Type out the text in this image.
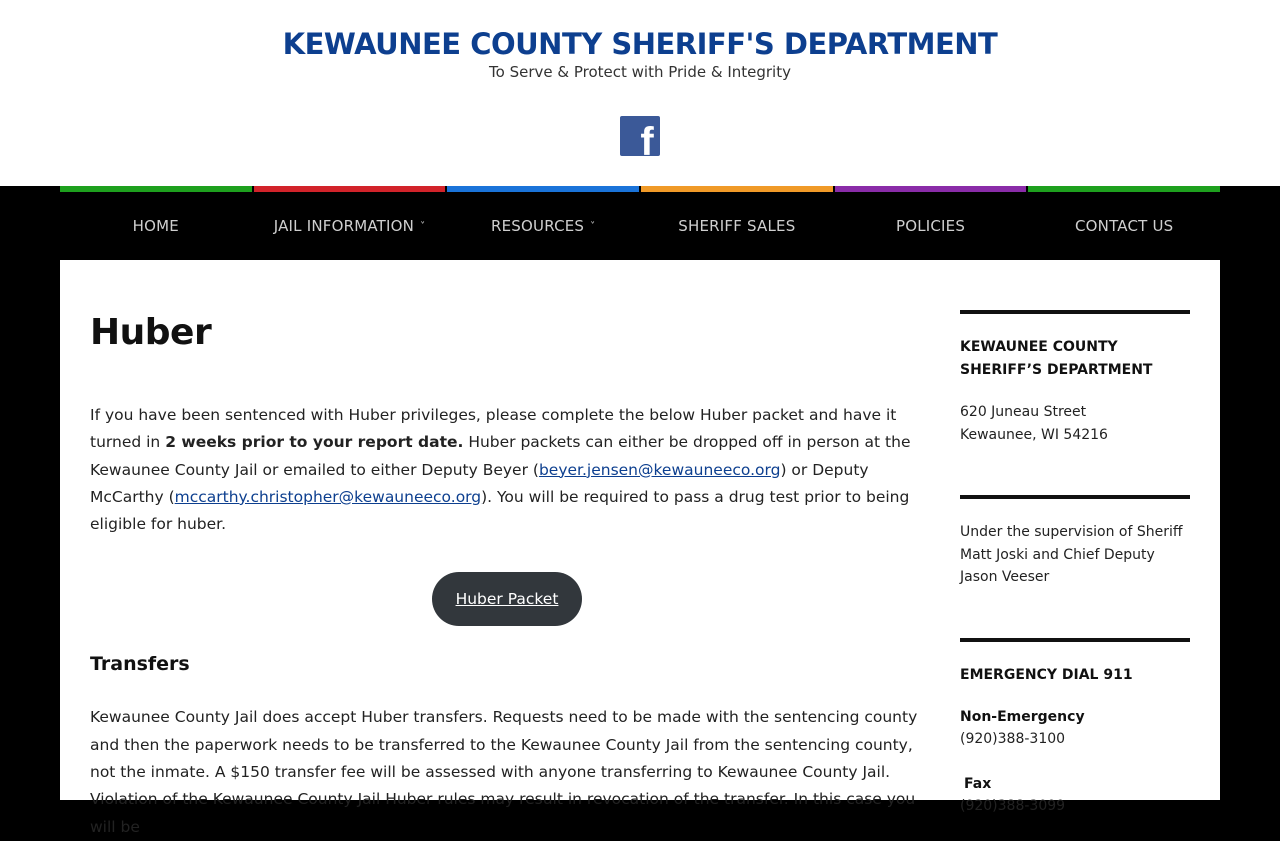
KEWAUNEE COUNTY SHERIFF'S DEPARTMENT
To Serve & Protect with Pride & Integrity
f
HOME	JAIL INFORMATION ˅	RESOURCES ˅	SHERIFF SALES	POLICIES	CONTACT US
Huber

If you have been sentenced with Huber privileges, please complete the below Huber packet and have it turned in 2 weeks prior to your report date. Huber packets can either be dropped off in person at the Kewaunee County Jail or emailed to either Deputy Beyer (beyer.jensen@kewauneeco.org) or Deputy McCarthy (mccarthy.christopher@kewauneeco.org). You will be required to pass a drug test prior to being eligible for huber.

Huber Packet
Transfers

Kewaunee County Jail does accept Huber transfers. Requests need to be made with the sentencing county and then the paperwork needs to be transferred to the Kewaunee County Jail from the sentencing county, not the inmate. A $150 transfer fee will be assessed with anyone transferring to Kewaunee County Jail. Violation of the Kewaunee County Jail Huber rules may result in revocation of the transfer. In this case you will be

KEWAUNEE COUNTY SHERIFF’S DEPARTMENT

620 Juneau Street

Kewaunee, WI 54216

Under the supervision of Sheriff Matt Joski and Chief Deputy Jason Veeser

EMERGENCY DIAL 911

Non-Emergency

(920)388-3100

Fax

(920)388-3099
